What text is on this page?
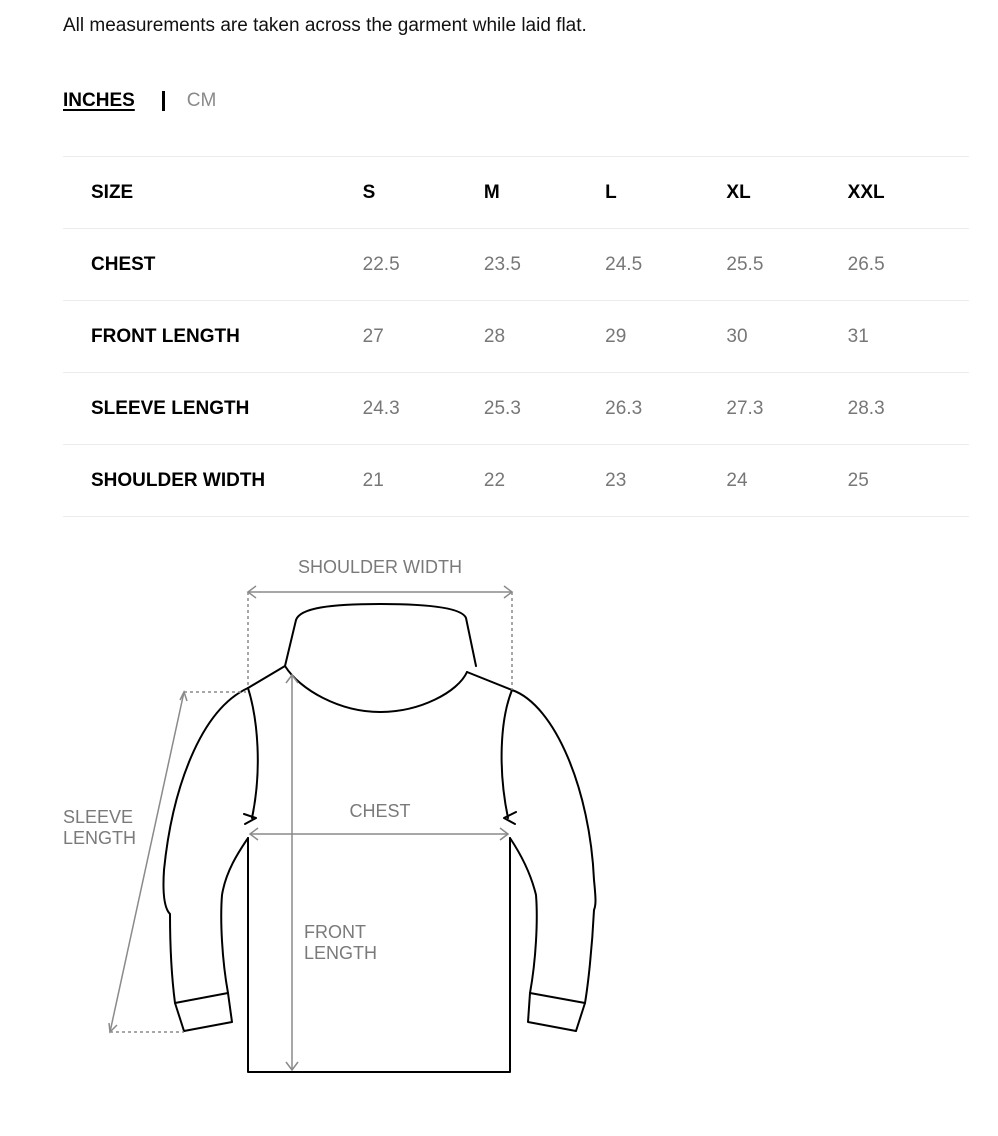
All measurements are taken across the garment while laid flat.
INCHES	CM
SIZE	S	M	L	XL	XXL
CHEST	22.5	23.5	24.5	25.5	26.5
FRONT LENGTH	27	28	29	30	31
SLEEVE LENGTH	24.3	25.3	26.3	27.3	28.3
SHOULDER WIDTH	21	22	23	24	25
SHOULDER WIDTH
CHEST
SLEEVE
LENGTH
FRONT
LENGTH
